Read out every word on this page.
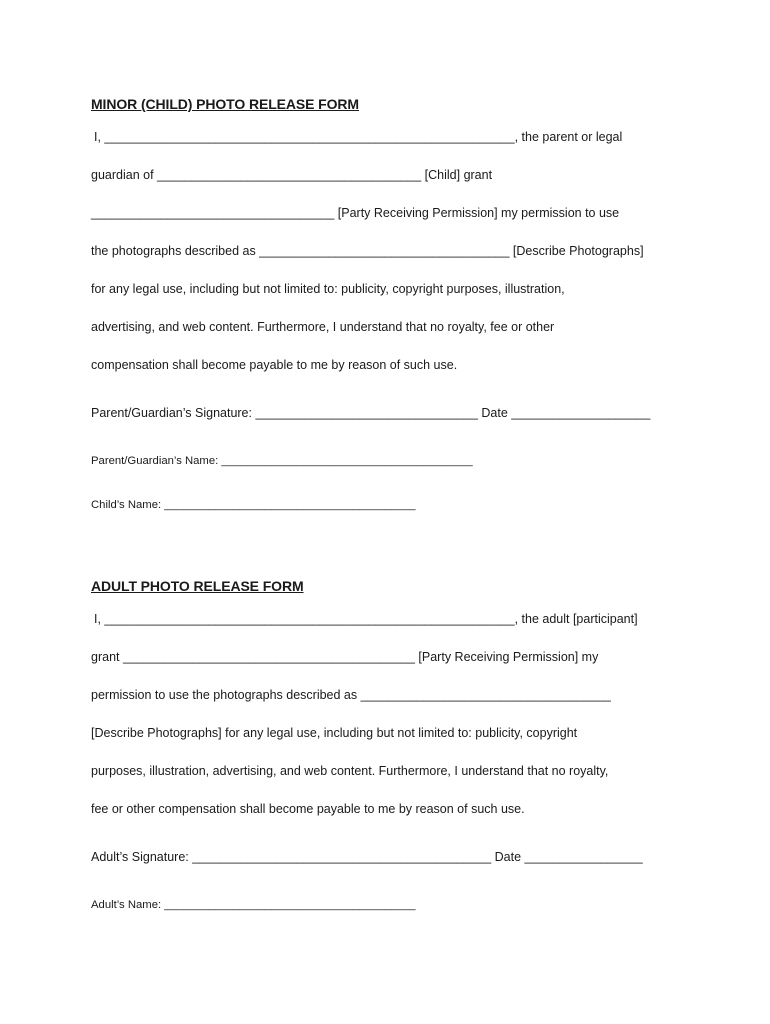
MINOR (CHILD) PHOTO RELEASE FORM
I, ___________________________________________________________, the parent or legal
guardian of ______________________________________ [Child] grant
___________________________________ [Party Receiving Permission] my permission to use
the photographs described as ____________________________________ [Describe Photographs]
for any legal use, including but not limited to: publicity, copyright purposes, illustration,
advertising, and web content. Furthermore, I understand that no royalty, fee or other
compensation shall become payable to me by reason of such use.
Parent/Guardian’s Signature: ________________________________ Date ____________________
Parent/Guardian’s Name: ________________________________________
Child’s Name: ________________________________________
ADULT PHOTO RELEASE FORM
I, ___________________________________________________________, the adult [participant]
grant __________________________________________ [Party Receiving Permission] my
permission to use the photographs described as ____________________________________
[Describe Photographs] for any legal use, including but not limited to: publicity, copyright
purposes, illustration, advertising, and web content. Furthermore, I understand that no royalty,
fee or other compensation shall become payable to me by reason of such use.
Adult’s Signature: ___________________________________________ Date _________________
Adult’s Name: ________________________________________
